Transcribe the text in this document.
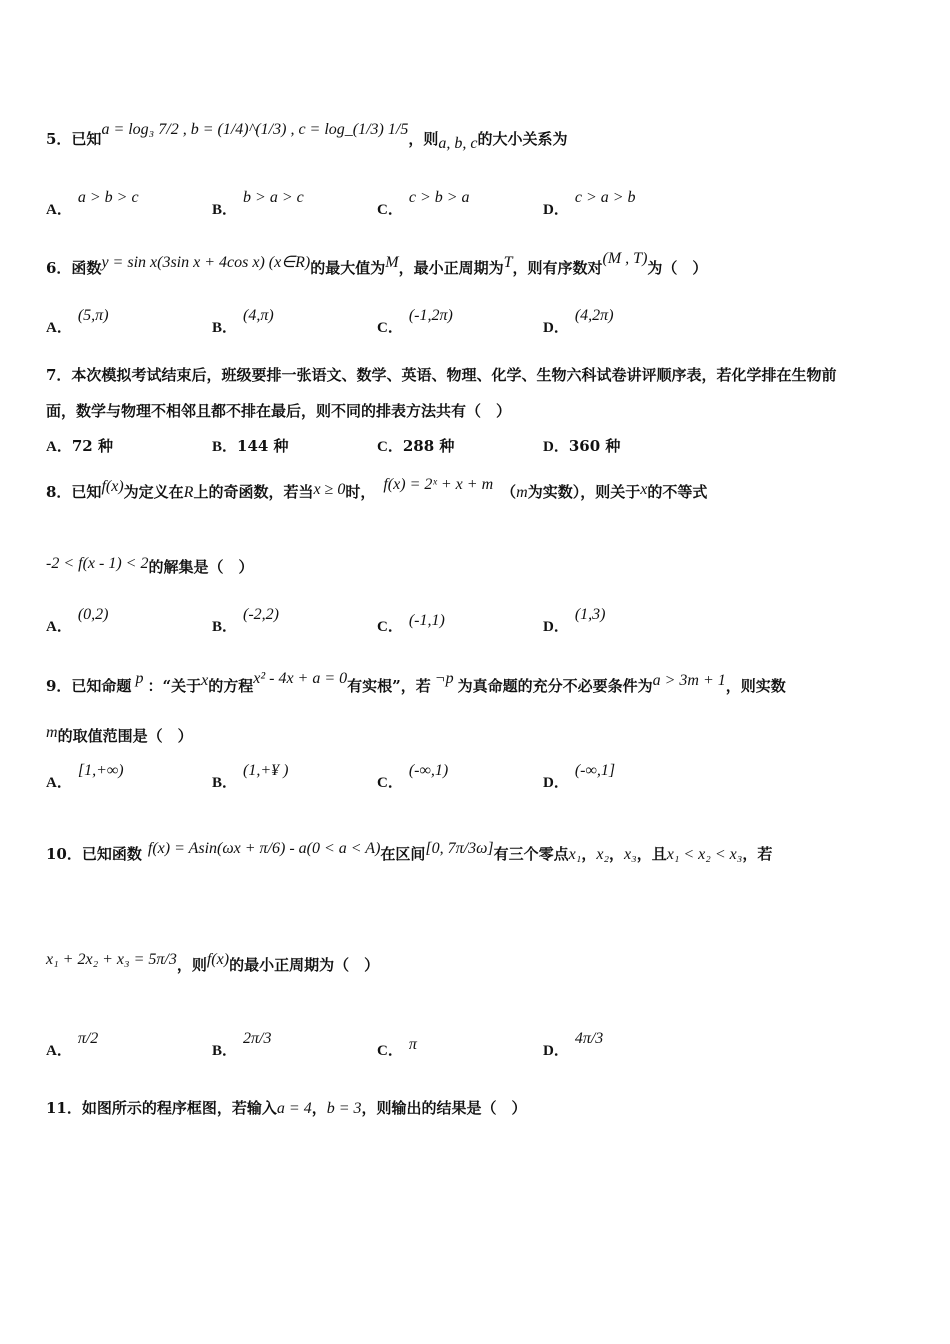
5．已知a = log₃ 7/2 , b = (1/4)^(1/3) , c = log_(1/3) 1/5，则a, b, c的大小关系为
A．a > b > c
B．b > a > c
C．c > b > a
D．c > a > b
6．函数y = sin x(3sin x + 4cos x) (x∈R)的最大值为M，最小正周期为T，则有序数对(M , T)为（　）
A．(5,π)
B．(4,π)
C．(-1,2π)
D．(4,2π)
7．本次模拟考试结束后，班级要排一张语文、数学、英语、物理、化学、生物六科试卷讲评顺序表，若化学排在生物前
面，数学与物理不相邻且都不排在最后，则不同的排表方法共有（　）
A．72 种	B．144 种	C．288 种	D．360 种
8．已知f(x)为定义在R上的奇函数，若当x ≥ 0时， f(x) = 2ˣ + x + m （m为实数），则关于x的不等式
-2 < f(x - 1) < 2的解集是（　）
A．(0,2)
B．(-2,2)
C． (-1,1)	D．(1,3)
9．已知命题 p ：“关于x的方程x² - 4x + a = 0有实根”，若 ¬p 为真命题的充分不必要条件为a > 3m + 1，则实数
m的取值范围是（　）
A．[1,+∞)
B．(1,+¥ )
C．(-∞,1)
D．(-∞,1]
10．已知函数 f(x) = Asin(ωx + π/6) - a(0 < a < A)在区间[0, 7π/3ω]有三个零点x₁，x₂，x₃，且x₁ < x₂ < x₃，若
x₁ + 2x₂ + x₃ = 5π/3，则f(x)的最小正周期为（　）
A．π/2
B．2π/3
C． π	D．4π/3
11．如图所示的程序框图，若输入a = 4，b = 3，则输出的结果是（　）
